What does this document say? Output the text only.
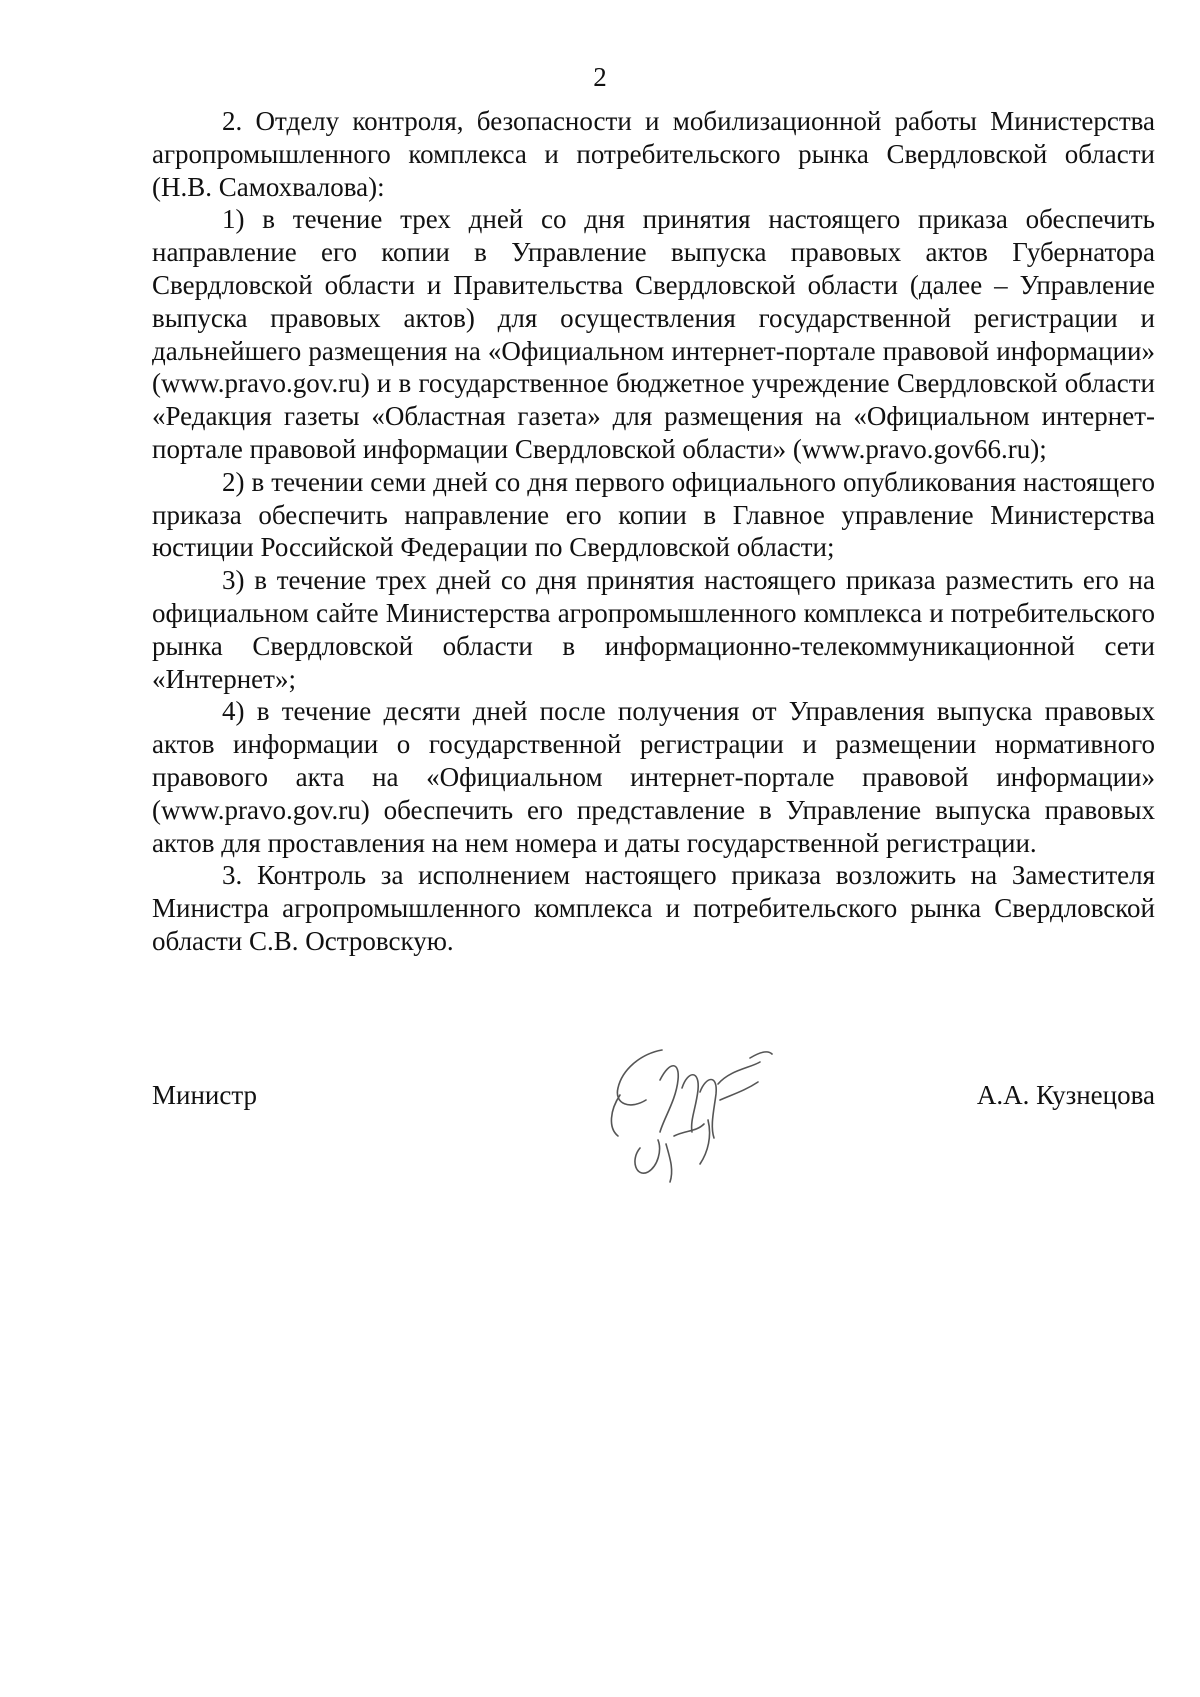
2

2. Отделу контроля, безопасности и мобилизационной работы Министерства агропромышленного комплекса и потребительского рынка Свердловской области (Н.В. Самохвалова):

1) в течение трех дней со дня принятия настоящего приказа обеспечить направление его копии в Управление выпуска правовых актов Губернатора Свердловской области и Правительства Свердловской области (далее – Управление выпуска правовых актов) для осуществления государственной регистрации и дальнейшего размещения на «Официальном интернет-портале правовой информации» (www.pravo.gov.ru) и в государственное бюджетное учреждение Свердловской области «Редакция газеты «Областная газета» для размещения на «Официальном интернет-портале правовой информации Свердловской области» (www.pravo.gov66.ru);

2) в течении семи дней со дня первого официального опубликования настоящего приказа обеспечить направление его копии в Главное управление Министерства юстиции Российской Федерации по Свердловской области;

3) в течение трех дней со дня принятия настоящего приказа разместить его на официальном сайте Министерства агропромышленного комплекса и потребительского рынка Свердловской области в информационно-телекоммуникационной сети «Интернет»;

4) в течение десяти дней после получения от Управления выпуска правовых актов информации о государственной регистрации и размещении нормативного правового акта на «Официальном интернет-портале правовой информации» (www.pravo.gov.ru) обеспечить его представление в Управление выпуска правовых актов для проставления на нем номера и даты государственной регистрации.

3. Контроль за исполнением настоящего приказа возложить на Заместителя Министра агропромышленного комплекса и потребительского рынка Свердловской области С.В. Островскую.

Министр	А.А. Кузнецова
